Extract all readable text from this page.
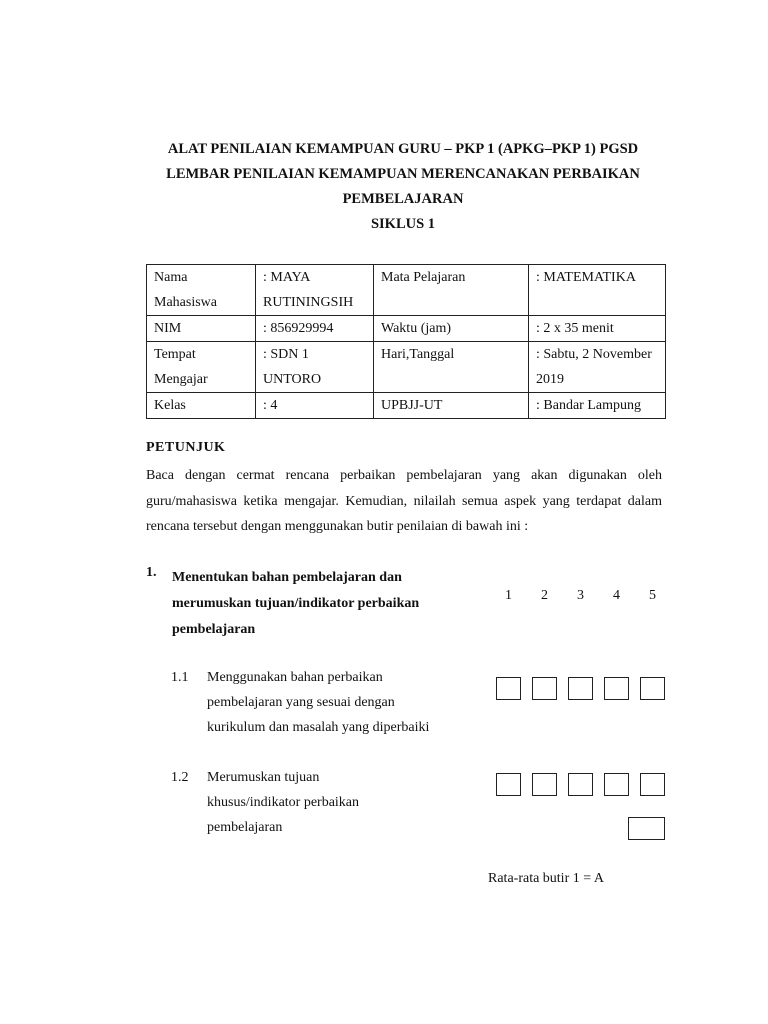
ALAT PENILAIAN KEMAMPUAN GURU – PKP 1 (APKG–PKP 1) PGSD
LEMBAR PENILAIAN KEMAMPUAN MERENCANAKAN PERBAIKAN
PEMBELAJARAN
SIKLUS 1
Nama Mahasiswa	: MAYA RUTININGSIH	Mata Pelajaran	: MATEMATIKA
NIM	: 856929994	Waktu (jam)	: 2 x 35 menit
Tempat Mengajar	: SDN 1 UNTORO	Hari,Tanggal	: Sabtu, 2 November 2019
Kelas	: 4	UPBJJ-UT	: Bandar Lampung
PETUNJUK
Baca dengan cermat rencana perbaikan pembelajaran yang akan digunakan oleh guru/mahasiswa ketika mengajar. Kemudian, nilailah semua aspek yang terdapat dalam rencana tersebut dengan menggunakan butir penilaian di bawah ini :
1. Menentukan bahan pembelajaran dan merumuskan tujuan/indikator perbaikan pembelajaran
1 2 3 4 5
1.1 Menggunakan bahan perbaikan pembelajaran yang sesuai dengan kurikulum dan masalah yang diperbaiki
1.2 Merumuskan tujuan khusus/indikator perbaikan pembelajaran
Rata-rata butir 1 = A
